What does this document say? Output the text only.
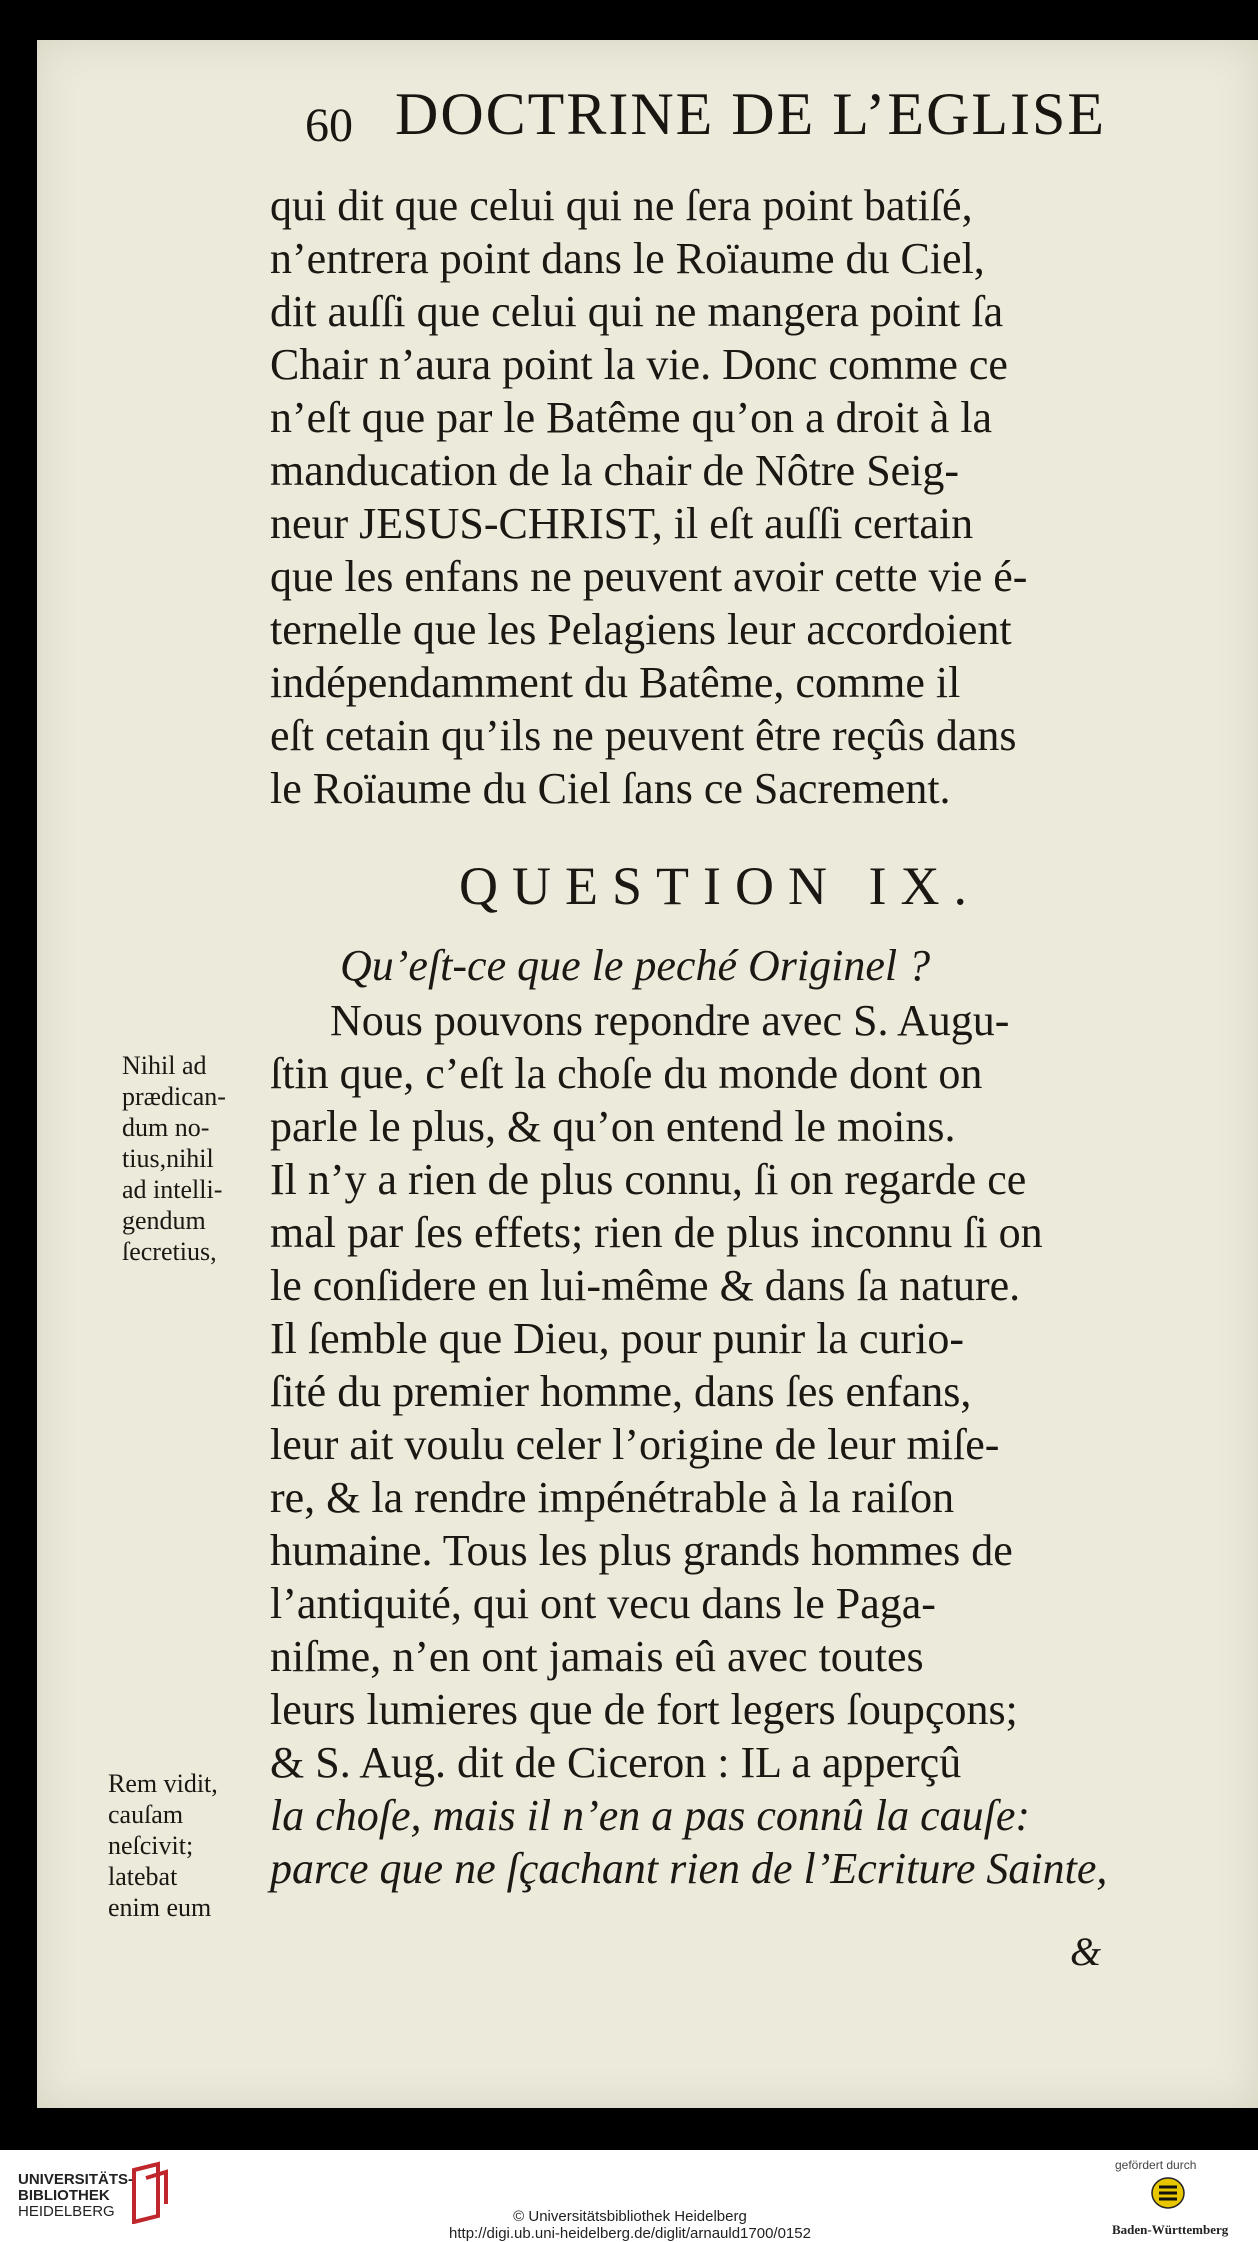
60 DOCTRINE DE L’EGLISE
qui dit que celui qui ne ſera point batiſé,
n’entrera point dans le Roïaume du Ciel,
dit auſſi que celui qui ne mangera point ſa
Chair n’aura point la vie. Donc comme ce
n’eſt que par le Batême qu’on a droit à la
manducation de la chair de Nôtre Seig-
neur JESUS-CHRIST, il eſt auſſi certain
que les enfans ne peuvent avoir cette vie é-
ternelle que les Pelagiens leur accordoient
indépendamment du Batême, comme il
eſt cetain qu’ils ne peuvent être reçûs dans
le Roïaume du Ciel ſans ce Sacrement.
QUESTION IX.
Qu’eſt-ce que le peché Originel ?
Nous pouvons repondre avec S. Augu-
ſtin que, c’eſt la choſe du monde dont on
parle le plus, & qu’on entend le moins.
Il n’y a rien de plus connu, ſi on regarde ce
mal par ſes effets; rien de plus inconnu ſi on
le conſidere en lui-même & dans ſa nature.
Il ſemble que Dieu, pour punir la curio-
ſité du premier homme, dans ſes enfans,
leur ait voulu celer l’origine de leur miſe-
re, & la rendre impénétrable à la raiſon
humaine. Tous les plus grands hommes de
l’antiquité, qui ont vecu dans le Paga-
niſme, n’en ont jamais eû avec toutes
leurs lumieres que de fort legers ſoupçons;
& S. Aug. dit de Ciceron : IL a apperçû
la choſe, mais il n’en a pas connû la cauſe:
parce que ne ſçachant rien de l’Ecriture Sainte,
Nihil ad
prædican-
dum no-
tius,nihil
ad intelli-
gendum
ſecretius,
Rem vidit,
cauſam
neſcivit;
latebat
enim eum
&
UNIVERSITÄTS-
BIBLIOTHEK
HEIDELBERG	© Universitätsbibliothek Heidelberg
http://digi.ub.uni-heidelberg.de/diglit/arnauld1700/0152
gefördert durch
Baden-Württemberg
